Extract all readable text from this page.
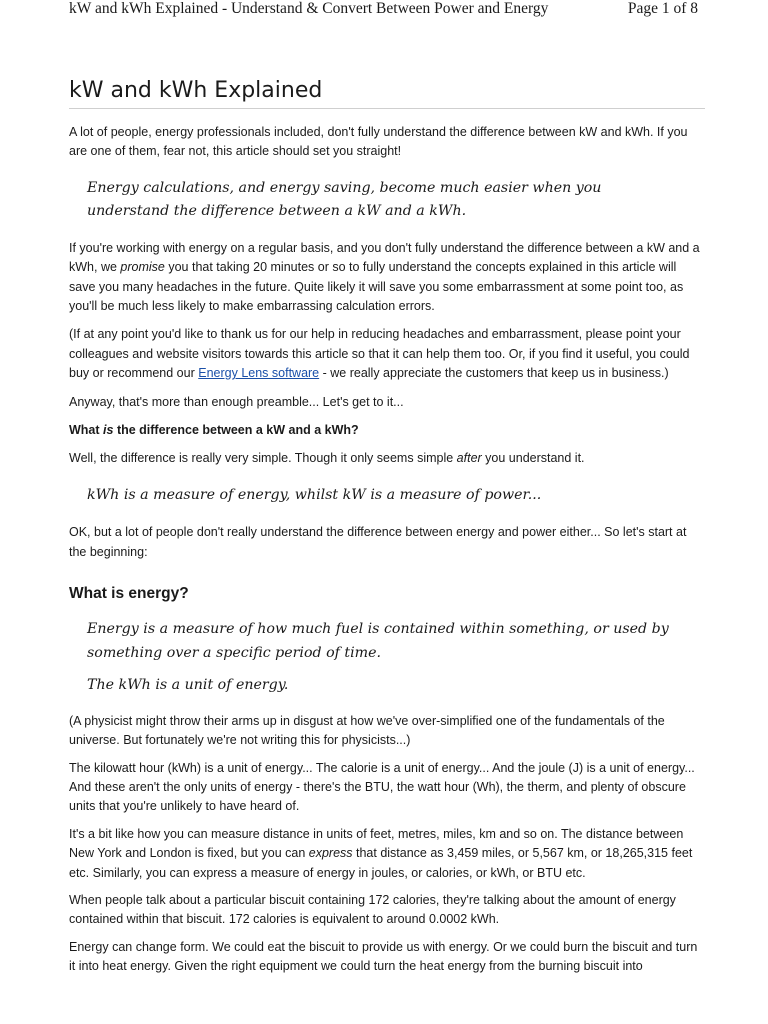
kW and kWh Explained - Understand & Convert Between Power and Energy	Page 1 of 8
kW and kWh Explained

A lot of people, energy professionals included, don't fully understand the difference between kW and kWh. If you are one of them, fear not, this article should set you straight!

Energy calculations, and energy saving, become much easier when you understand the difference between a kW and a kWh.

If you're working with energy on a regular basis, and you don't fully understand the difference between a kW and a kWh, we promise you that taking 20 minutes or so to fully understand the concepts explained in this article will save you many headaches in the future. Quite likely it will save you some embarrassment at some point too, as you'll be much less likely to make embarrassing calculation errors.

(If at any point you'd like to thank us for our help in reducing headaches and embarrassment, please point your colleagues and website visitors towards this article so that it can help them too. Or, if you find it useful, you could buy or recommend our Energy Lens software - we really appreciate the customers that keep us in business.)

Anyway, that's more than enough preamble... Let's get to it...

What is the difference between a kW and a kWh?

Well, the difference is really very simple. Though it only seems simple after you understand it.

kWh is a measure of energy, whilst kW is a measure of power...

OK, but a lot of people don't really understand the difference between energy and power either... So let's start at the beginning:

What is energy?

Energy is a measure of how much fuel is contained within something, or used by something over a specific period of time.

The kWh is a unit of energy.

(A physicist might throw their arms up in disgust at how we've over-simplified one of the fundamentals of the universe. But fortunately we're not writing this for physicists...)

The kilowatt hour (kWh) is a unit of energy... The calorie is a unit of energy... And the joule (J) is a unit of energy... And these aren't the only units of energy - there's the BTU, the watt hour (Wh), the therm, and plenty of obscure units that you're unlikely to have heard of.

It's a bit like how you can measure distance in units of feet, metres, miles, km and so on. The distance between New York and London is fixed, but you can express that distance as 3,459 miles, or 5,567 km, or 18,265,315 feet etc. Similarly, you can express a measure of energy in joules, or calories, or kWh, or BTU etc.

When people talk about a particular biscuit containing 172 calories, they're talking about the amount of energy contained within that biscuit. 172 calories is equivalent to around 0.0002 kWh.

Energy can change form. We could eat the biscuit to provide us with energy. Or we could burn the biscuit and turn it into heat energy. Given the right equipment we could turn the heat energy from the burning biscuit into
